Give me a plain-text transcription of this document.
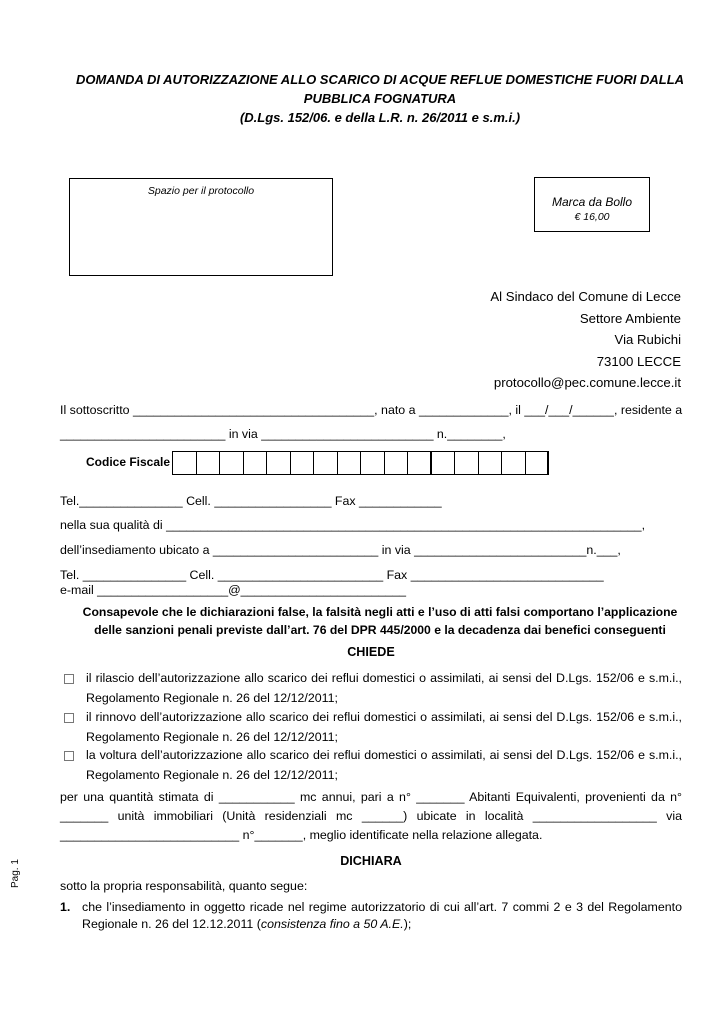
DOMANDA DI AUTORIZZAZIONE ALLO SCARICO DI ACQUE REFLUE DOMESTICHE FUORI DALLA
PUBBLICA FOGNATURA
(D.Lgs. 152/06. e della L.R. n. 26/2011 e s.m.i.)
Spazio per il protocollo
Marca da Bollo
€ 16,00
Al Sindaco del Comune di Lecce
Settore Ambiente
Via Rubichi
73100 LECCE
protocollo@pec.comune.lecce.it
Il sottoscritto ___________________________________, nato a _____________, il ___/___/______, residente a
________________________ in via _________________________ n.________,
Codice Fiscale
Tel._______________ Cell. _________________ Fax ____________
nella sua qualità di _____________________________________________________________________,
dell’insediamento ubicato a ________________________ in via _________________________n.___,
Tel. _______________ Cell. ________________________ Fax ____________________________
e-mail ___________________@________________________
Consapevole che le dichiarazioni false, la falsità negli atti e l’uso di atti falsi comportano l’applicazione
delle sanzioni penali previste dall’art. 76 del DPR 445/2000 e la decadenza dai benefici conseguenti
CHIEDE
il rilascio dell’autorizzazione allo scarico dei reflui domestici o assimilati, ai sensi del D.Lgs. 152/06 e s.m.i.,
Regolamento Regionale n. 26 del 12/12/2011;
il rinnovo dell’autorizzazione allo scarico dei reflui domestici o assimilati, ai sensi del D.Lgs. 152/06 e s.m.i.,
Regolamento Regionale n. 26 del 12/12/2011;
la voltura dell’autorizzazione allo scarico dei reflui domestici o assimilati, ai sensi del D.Lgs. 152/06 e s.m.i.,
Regolamento Regionale n. 26 del 12/12/2011;
per una quantità stimata di ___________ mc annui, pari a n° _______ Abitanti Equivalenti, provenienti da n°
_______ unità immobiliari (Unità residenziali mc ______) ubicate in località __________________ via
__________________________ n°_______, meglio identificate nella relazione allegata.
DICHIARA
sotto la propria responsabilità, quanto segue:
1. che l’insediamento in oggetto ricade nel regime autorizzatorio di cui all’art. 7 commi 2 e 3 del Regolamento
Regionale n. 26 del 12.12.2011 (consistenza fino a 50 A.E.);
Pag. 1
